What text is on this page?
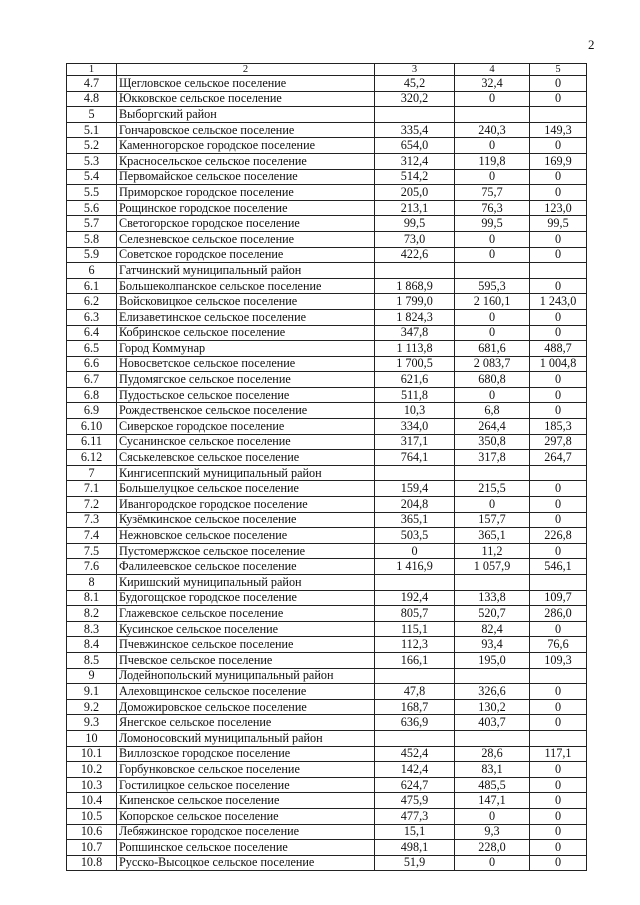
2
1	2	3	4	5
4.7	Щегловское сельское поселение	45,2	32,4	0
4.8	Юкковское сельское поселение	320,2	0	0
5	Выборгский район			
5.1	Гончаровское сельское поселение	335,4	240,3	149,3
5.2	Каменногорское городское поселение	654,0	0	0
5.3	Красносельское сельское поселение	312,4	119,8	169,9
5.4	Первомайское сельское поселение	514,2	0	0
5.5	Приморское городское поселение	205,0	75,7	0
5.6	Рощинское городское поселение	213,1	76,3	123,0
5.7	Светогорское городское поселение	99,5	99,5	99,5
5.8	Селезневское сельское поселение	73,0	0	0
5.9	Советское городское поселение	422,6	0	0
6	Гатчинский муниципальный район			
6.1	Большеколпанское сельское поселение	1 868,9	595,3	0
6.2	Войсковицкое сельское поселение	1 799,0	2 160,1	1 243,0
6.3	Елизаветинское сельское поселение	1 824,3	0	0
6.4	Кобринское сельское поселение	347,8	0	0
6.5	Город Коммунар	1 113,8	681,6	488,7
6.6	Новосветское сельское поселение	1 700,5	2 083,7	1 004,8
6.7	Пудомягское сельское поселение	621,6	680,8	0
6.8	Пудостьское сельское поселение	511,8	0	0
6.9	Рождественское сельское поселение	10,3	6,8	0
6.10	Сиверское городское поселение	334,0	264,4	185,3
6.11	Сусанинское сельское поселение	317,1	350,8	297,8
6.12	Сяськелевское сельское поселение	764,1	317,8	264,7
7	Кингисеппский муниципальный район			
7.1	Большелуцкое сельское поселение	159,4	215,5	0
7.2	Ивангородское городское поселение	204,8	0	0
7.3	Кузёмкинское сельское поселение	365,1	157,7	0
7.4	Нежновское сельское поселение	503,5	365,1	226,8
7.5	Пустомержское сельское поселение	0	11,2	0
7.6	Фалилеевское сельское поселение	1 416,9	1 057,9	546,1
8	Киришский муниципальный район			
8.1	Будогощское городское поселение	192,4	133,8	109,7
8.2	Глажевское сельское поселение	805,7	520,7	286,0
8.3	Кусинское сельское поселение	115,1	82,4	0
8.4	Пчевжинское сельское поселение	112,3	93,4	76,6
8.5	Пчевское сельское поселение	166,1	195,0	109,3
9	Лодейнопольский муниципальный район			
9.1	Алеховщинское сельское поселение	47,8	326,6	0
9.2	Доможировское сельское поселение	168,7	130,2	0
9.3	Янегское сельское поселение	636,9	403,7	0
10	Ломоносовский муниципальный район			
10.1	Виллозское городское поселение	452,4	28,6	117,1
10.2	Горбунковское сельское поселение	142,4	83,1	0
10.3	Гостилицкое сельское поселение	624,7	485,5	0
10.4	Кипенское сельское поселение	475,9	147,1	0
10.5	Копорское сельское поселение	477,3	0	0
10.6	Лебяжинское городское поселение	15,1	9,3	0
10.7	Ропшинское сельское поселение	498,1	228,0	0
10.8	Русско-Высоцкое сельское поселение	51,9	0	0
